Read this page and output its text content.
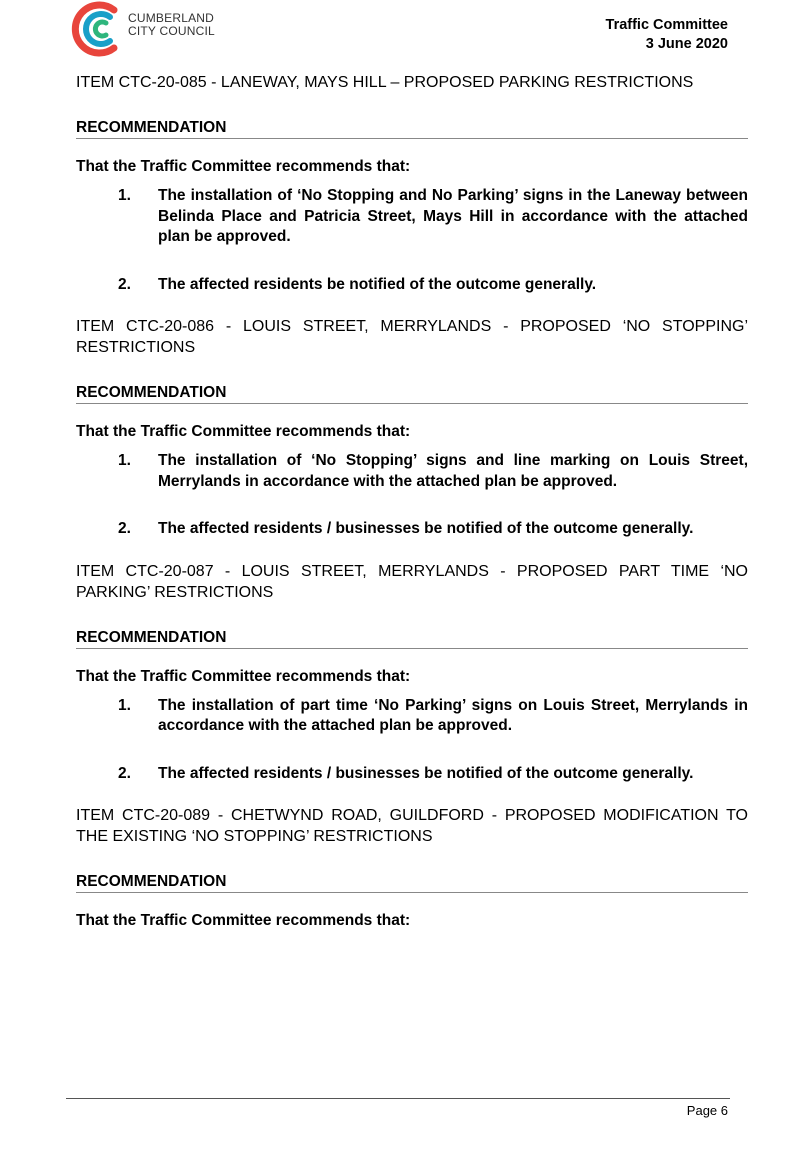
CUMBERLAND
CITY COUNCIL	Traffic Committee
3 June 2020

ITEM CTC-20-085 - LANEWAY, MAYS HILL – PROPOSED PARKING RESTRICTIONS

RECOMMENDATION
That the Traffic Committee recommends that:
1. The installation of ‘No Stopping and No Parking’ signs in the Laneway between Belinda Place and Patricia Street, Mays Hill in accordance with the attached plan be approved.
2. The affected residents be notified of the outcome generally.

ITEM CTC-20-086 - LOUIS STREET, MERRYLANDS - PROPOSED ‘NO STOPPING’ RESTRICTIONS

RECOMMENDATION
That the Traffic Committee recommends that:
1. The installation of ‘No Stopping’ signs and line marking on Louis Street, Merrylands in accordance with the attached plan be approved.
2. The affected residents / businesses be notified of the outcome generally.

ITEM CTC-20-087 - LOUIS STREET, MERRYLANDS - PROPOSED PART TIME ‘NO PARKING’ RESTRICTIONS

RECOMMENDATION
That the Traffic Committee recommends that:
1. The installation of part time ‘No Parking’ signs on Louis Street, Merrylands in accordance with the attached plan be approved.
2. The affected residents / businesses be notified of the outcome generally.

ITEM CTC-20-089 - CHETWYND ROAD, GUILDFORD - PROPOSED MODIFICATION TO THE EXISTING ‘NO STOPPING’ RESTRICTIONS

RECOMMENDATION
That the Traffic Committee recommends that:
Page 6
